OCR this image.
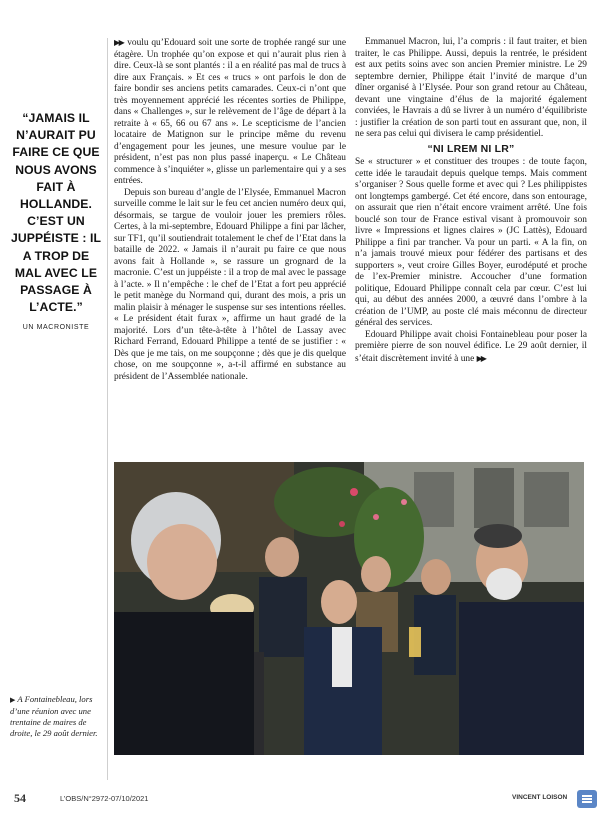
“JAMAIS IL N’AURAIT PU FAIRE CE QUE NOUS AVONS FAIT À HOLLANDE. C’EST UN JUPPÉISTE : IL A TROP DE MAL AVEC LE PASSAGE À L’ACTE.”
UN MACRONISTE

▶▶ voulu qu’Edouard soit une sorte de trophée rangé sur une étagère. Un trophée qu’on expose et qui n’aurait plus rien à dire. Ceux-là se sont plantés : il a en réalité pas mal de trucs à dire aux Français. » Et ces « trucs » ont parfois le don de faire bondir ses anciens petits camarades. Ceux-ci n’ont que très moyennement apprécié les récentes sorties de Philippe, dans « Challenges », sur le relèvement de l’âge de départ à la retraite à « 65, 66 ou 67 ans ». Le scepticisme de l’ancien locataire de Matignon sur le principe même du revenu d’engagement pour les jeunes, une mesure voulue par le président, n’est pas non plus passé inaperçu. « Le Château commence à s’inquiéter », glisse un parlementaire qui y a ses entrées.

Depuis son bureau d’angle de l’Elysée, Emmanuel Macron surveille comme le lait sur le feu cet ancien numéro deux qui, désormais, se targue de vouloir jouer les premiers rôles. Certes, à la mi-septembre, Edouard Philippe a fini par lâcher, sur TF1, qu’il soutiendrait totalement le chef de l’Etat dans la bataille de 2022. « Jamais il n’aurait pu faire ce que nous avons fait à Hollande », se rassure un grognard de la macronie. C’est un juppéiste : il a trop de mal avec le passage à l’acte. » Il n’empêche : le chef de l’Etat a fort peu apprécié le petit manège du Normand qui, durant des mois, a pris un malin plaisir à ménager le suspense sur ses intentions réelles. « Le président était furax », affirme un haut gradé de la majorité. Lors d’un tête-à-tête à l’hôtel de Lassay avec Richard Ferrand, Edouard Philippe a tenté de se justifier : « Dès que je me tais, on me soupçonne ; dès que je dis quelque chose, on me soupçonne », a-t-il affirmé en substance au président de l’Assemblée nationale.

Emmanuel Macron, lui, l’a compris : il faut traiter, et bien traiter, le cas Philippe. Aussi, depuis la rentrée, le président est aux petits soins avec son ancien Premier ministre. Le 29 septembre dernier, Philippe était l’invité de marque d’un dîner organisé à l’Elysée. Pour son grand retour au Château, devant une vingtaine d’élus de la majorité également conviées, le Havrais a dû se livrer à un numéro d’équilibriste : justifier la création de son parti tout en assurant que, non, il ne sera pas celui qui divisera le camp présidentiel.

“NI LREM NI LR”

Se « structurer » et constituer des troupes : de toute façon, cette idée le taraudait depuis quelque temps. Mais comment s’organiser ? Sous quelle forme et avec qui ? Les philippistes ont longtemps gambergé. Cet été encore, dans son entourage, on assurait que rien n’était encore vraiment arrêté. Une fois bouclé son tour de France estival visant à promouvoir son livre « Impressions et lignes claires » (JC Lattès), Edouard Philippe a fini par trancher. Va pour un parti. « A la fin, on n’a jamais trouvé mieux pour fédérer des partisans et des supporters », veut croire Gilles Boyer, eurodéputé et proche de l’ex-Premier ministre. Accoucher d’une formation politique, Edouard Philippe connaît cela par cœur. C’est lui qui, au début des années 2000, a œuvré dans l’ombre à la création de l’UMP, au poste clé mais méconnu de directeur général des services.

Edouard Philippe avait choisi Fontainebleau pour poser la première pierre de son nouvel édifice. Le 29 août dernier, il s’était discrètement invité à une ▶▶

▶ A Fontainebleau, lors d’une réunion avec une trentaine de maires de droite, le 29 août dernier.
54	L’OBS/N°2972-07/10/2021	VINCENT LOISON
